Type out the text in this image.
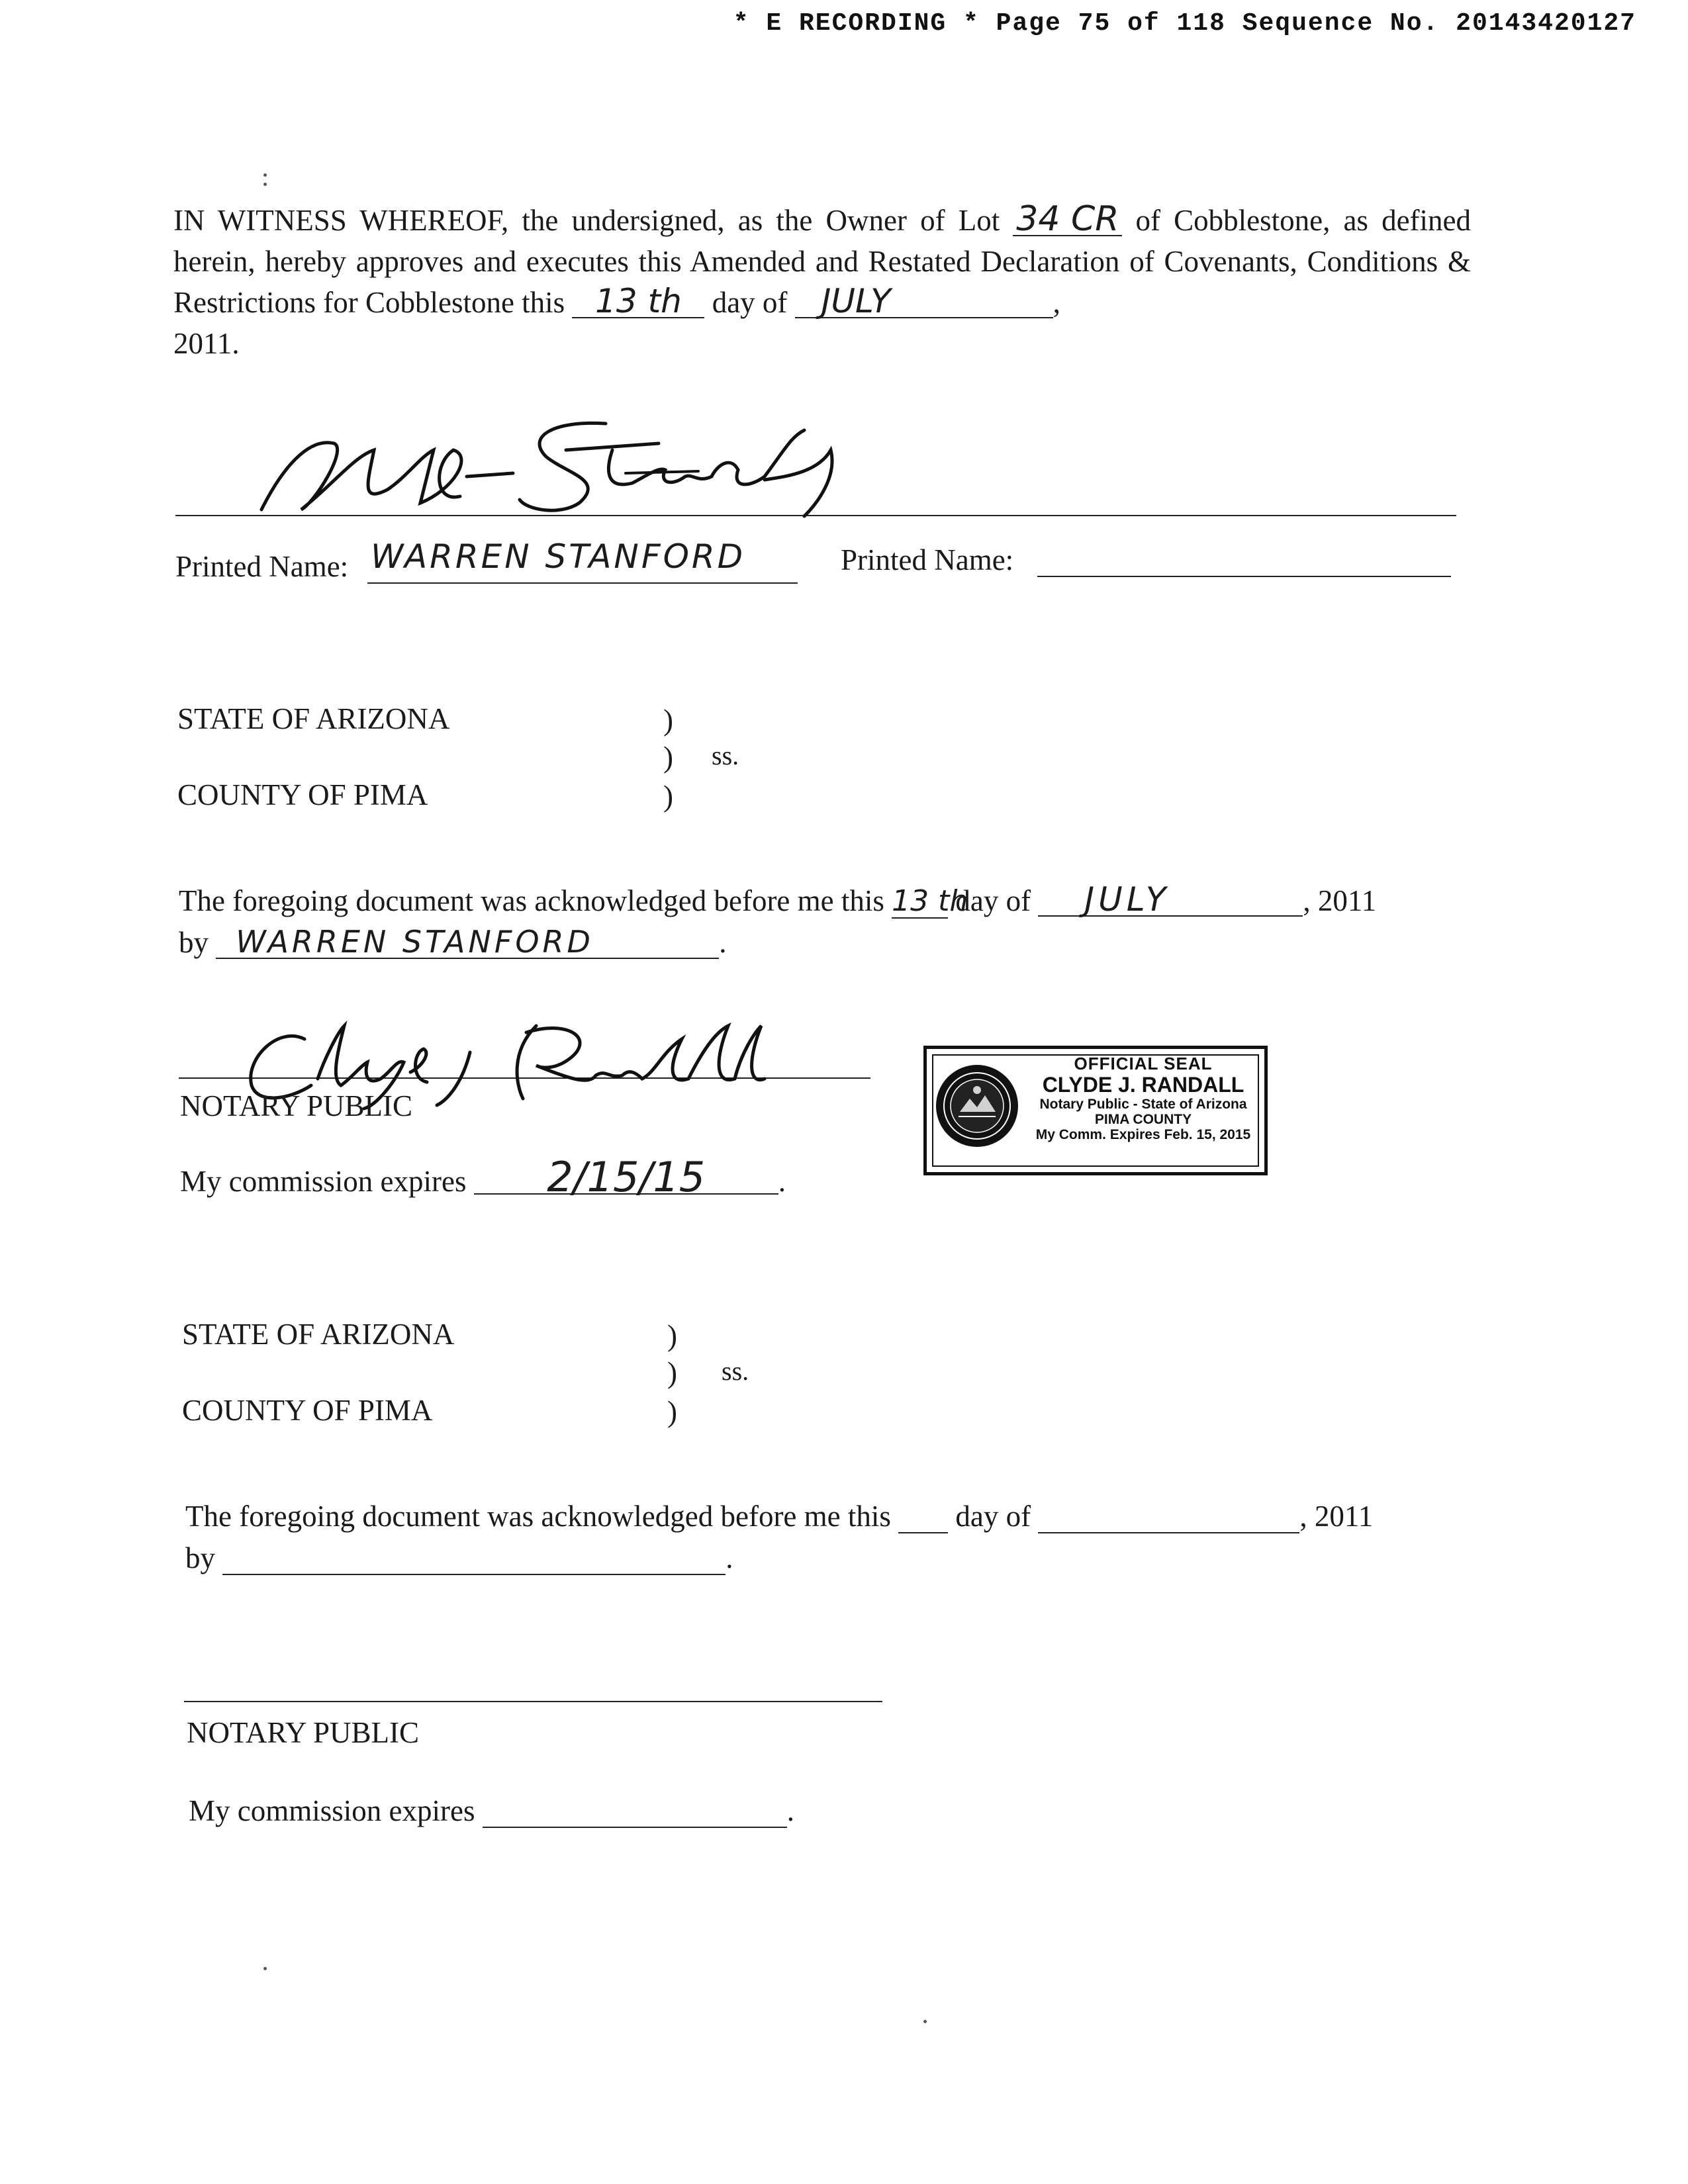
* E RECORDING * Page 75 of 118 Sequence No. 20143420127
IN WITNESS WHEREOF, the undersigned, as the Owner of Lot 34 CR of Cobblestone, as defined herein, hereby approves and executes this Amended and Restated Declaration of Covenants, Conditions & Restrictions for Cobblestone this 13 th day of JULY	,
2011.
Printed Name: WARREN STANFORD	Printed Name:
STATE OF ARIZONA	)
) ss.
COUNTY OF PIMA	)
The foregoing document was acknowledged before me this 13 th day of JULY	, 2011
by WARREN STANFORD	.
NOTARY PUBLIC
My commission expires 2/15/15 .
OFFICIAL SEAL
CLYDE J. RANDALL
Notary Public - State of Arizona
PIMA COUNTY
My Comm. Expires Feb. 15, 2015
STATE OF ARIZONA	)
) ss.
COUNTY OF PIMA	)
The foregoing document was acknowledged before me this day of	, 2011
by	.
NOTARY PUBLIC
My commission expires	.
